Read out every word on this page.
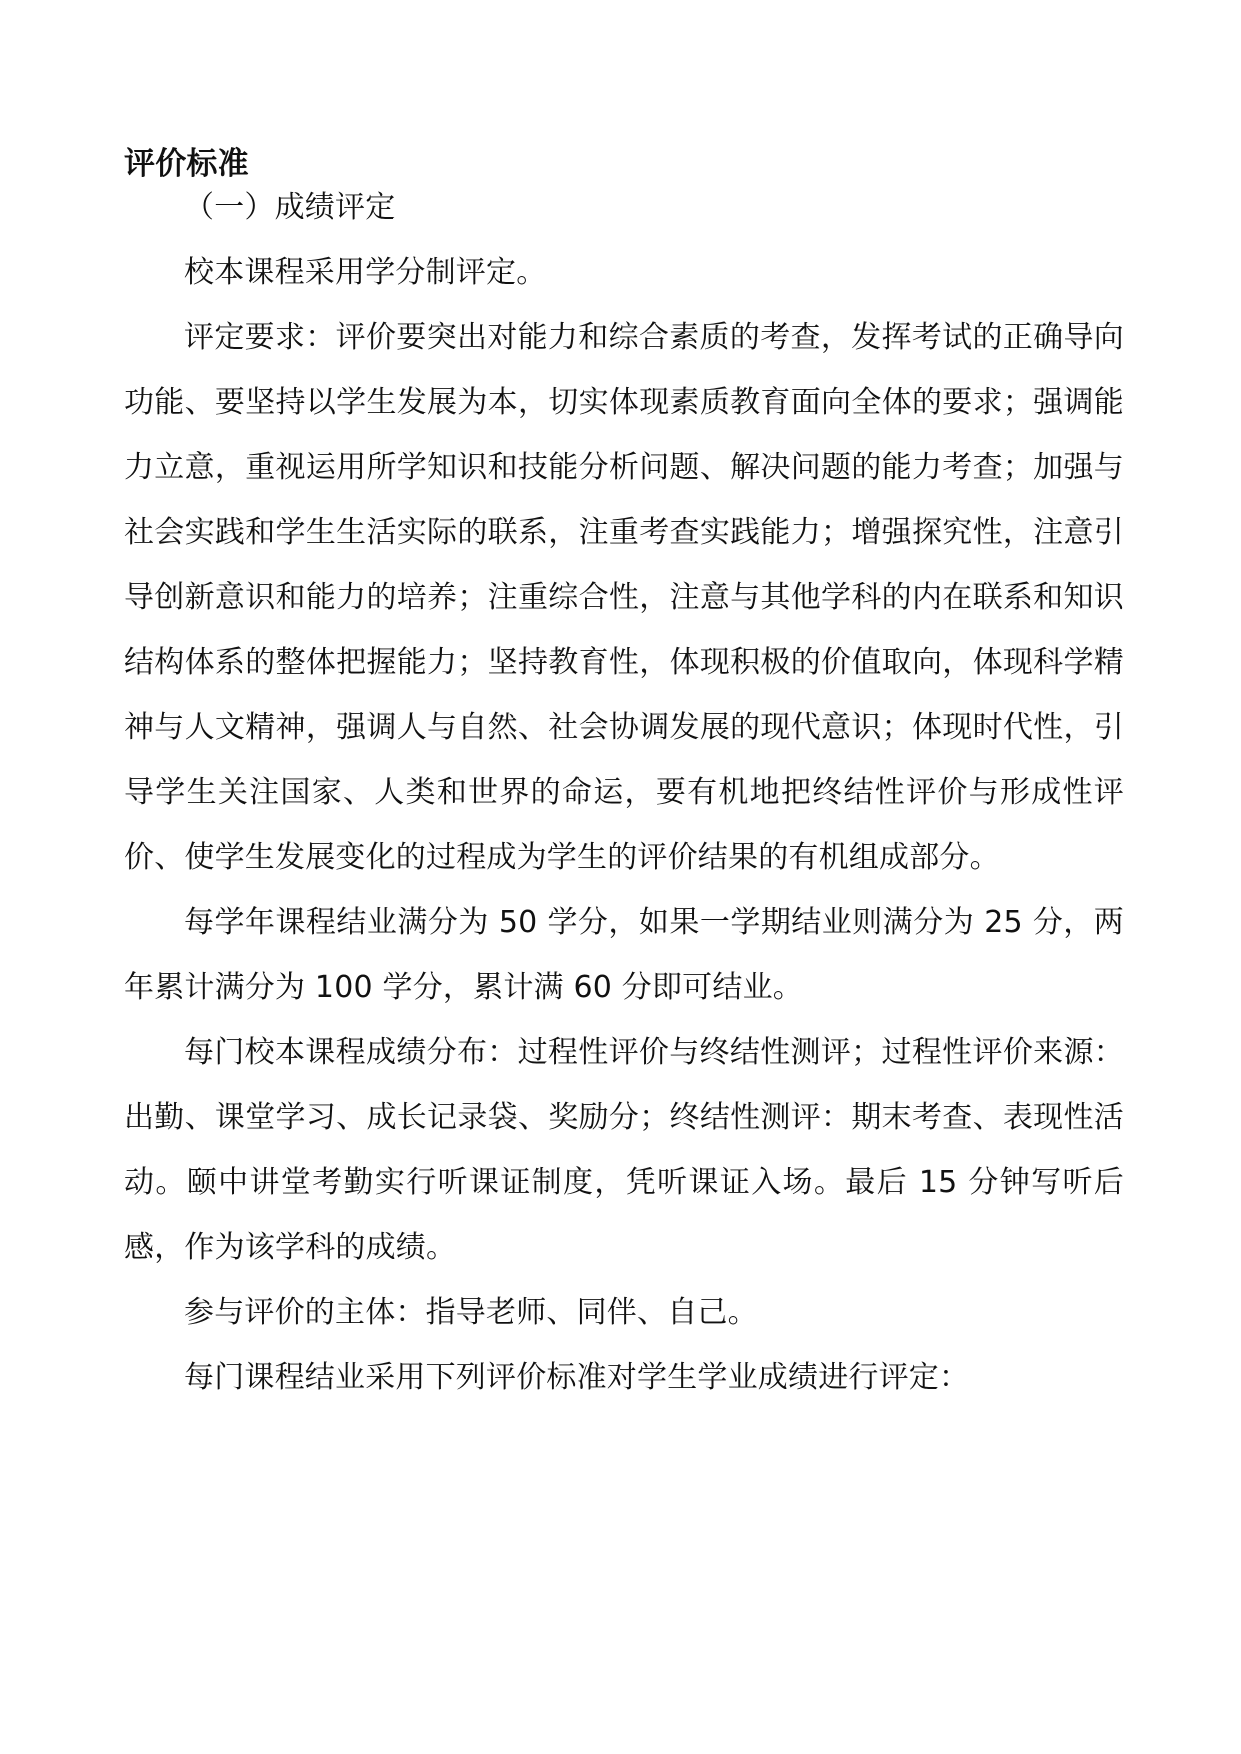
评价标准

（一）成绩评定

校本课程采用学分制评定。

评定要求：评价要突出对能力和综合素质的考查，发挥考试的正确导向功能、要坚持以学生发展为本，切实体现素质教育面向全体的要求；强调能力立意，重视运用所学知识和技能分析问题、解决问题的能力考查；加强与社会实践和学生生活实际的联系，注重考查实践能力；增强探究性，注意引导创新意识和能力的培养；注重综合性，注意与其他学科的内在联系和知识结构体系的整体把握能力；坚持教育性，体现积极的价值取向，体现科学精神与人文精神，强调人与自然、社会协调发展的现代意识；体现时代性，引导学生关注国家、人类和世界的命运，要有机地把终结性评价与形成性评价、使学生发展变化的过程成为学生的评价结果的有机组成部分。

每学年课程结业满分为 50 学分，如果一学期结业则满分为 25 分，两年累计满分为 100 学分，累计满 60 分即可结业。

每门校本课程成绩分布：过程性评价与终结性测评；过程性评价来源：出勤、课堂学习、成长记录袋、奖励分；终结性测评：期末考查、表现性活动。颐中讲堂考勤实行听课证制度，凭听课证入场。最后 15 分钟写听后感，作为该学科的成绩。

参与评价的主体：指导老师、同伴、自己。

每门课程结业采用下列评价标准对学生学业成绩进行评定：
